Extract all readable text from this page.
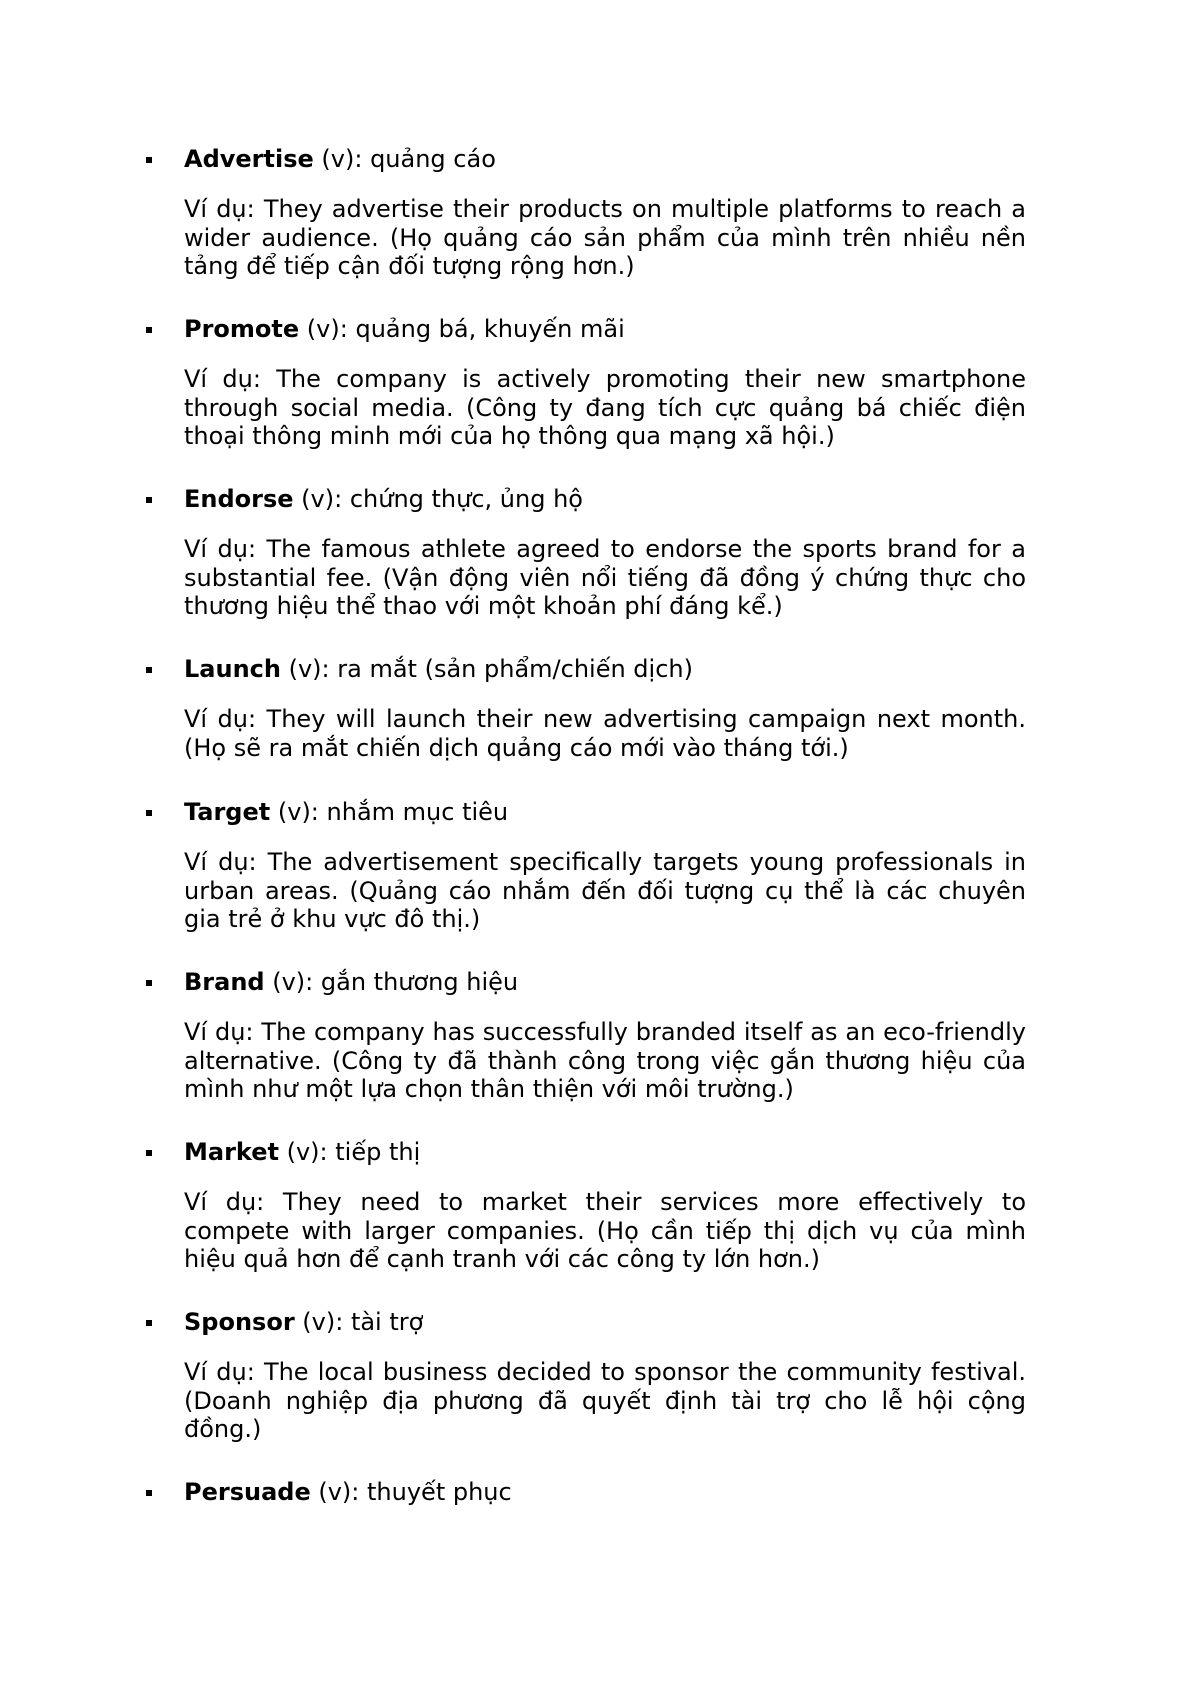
Advertise (v): quảng cáo
Ví dụ: They advertise their products on multiple platforms to reach a wider audience. (Họ quảng cáo sản phẩm của mình trên nhiều nền tảng để tiếp cận đối tượng rộng hơn.)
Promote (v): quảng bá, khuyến mãi
Ví dụ: The company is actively promoting their new smartphone through social media. (Công ty đang tích cực quảng bá chiếc điện thoại thông minh mới của họ thông qua mạng xã hội.)
Endorse (v): chứng thực, ủng hộ
Ví dụ: The famous athlete agreed to endorse the sports brand for a substantial fee. (Vận động viên nổi tiếng đã đồng ý chứng thực cho thương hiệu thể thao với một khoản phí đáng kể.)
Launch (v): ra mắt (sản phẩm/chiến dịch)
Ví dụ: They will launch their new advertising campaign next month. (Họ sẽ ra mắt chiến dịch quảng cáo mới vào tháng tới.)
Target (v): nhắm mục tiêu
Ví dụ: The advertisement specifically targets young professionals in urban areas. (Quảng cáo nhắm đến đối tượng cụ thể là các chuyên gia trẻ ở khu vực đô thị.)
Brand (v): gắn thương hiệu
Ví dụ: The company has successfully branded itself as an eco-friendly alternative. (Công ty đã thành công trong việc gắn thương hiệu của mình như một lựa chọn thân thiện với môi trường.)
Market (v): tiếp thị
Ví dụ: They need to market their services more effectively to compete with larger companies. (Họ cần tiếp thị dịch vụ của mình hiệu quả hơn để cạnh tranh với các công ty lớn hơn.)
Sponsor (v): tài trợ
Ví dụ: The local business decided to sponsor the community festival. (Doanh nghiệp địa phương đã quyết định tài trợ cho lễ hội cộng đồng.)
Persuade (v): thuyết phục
